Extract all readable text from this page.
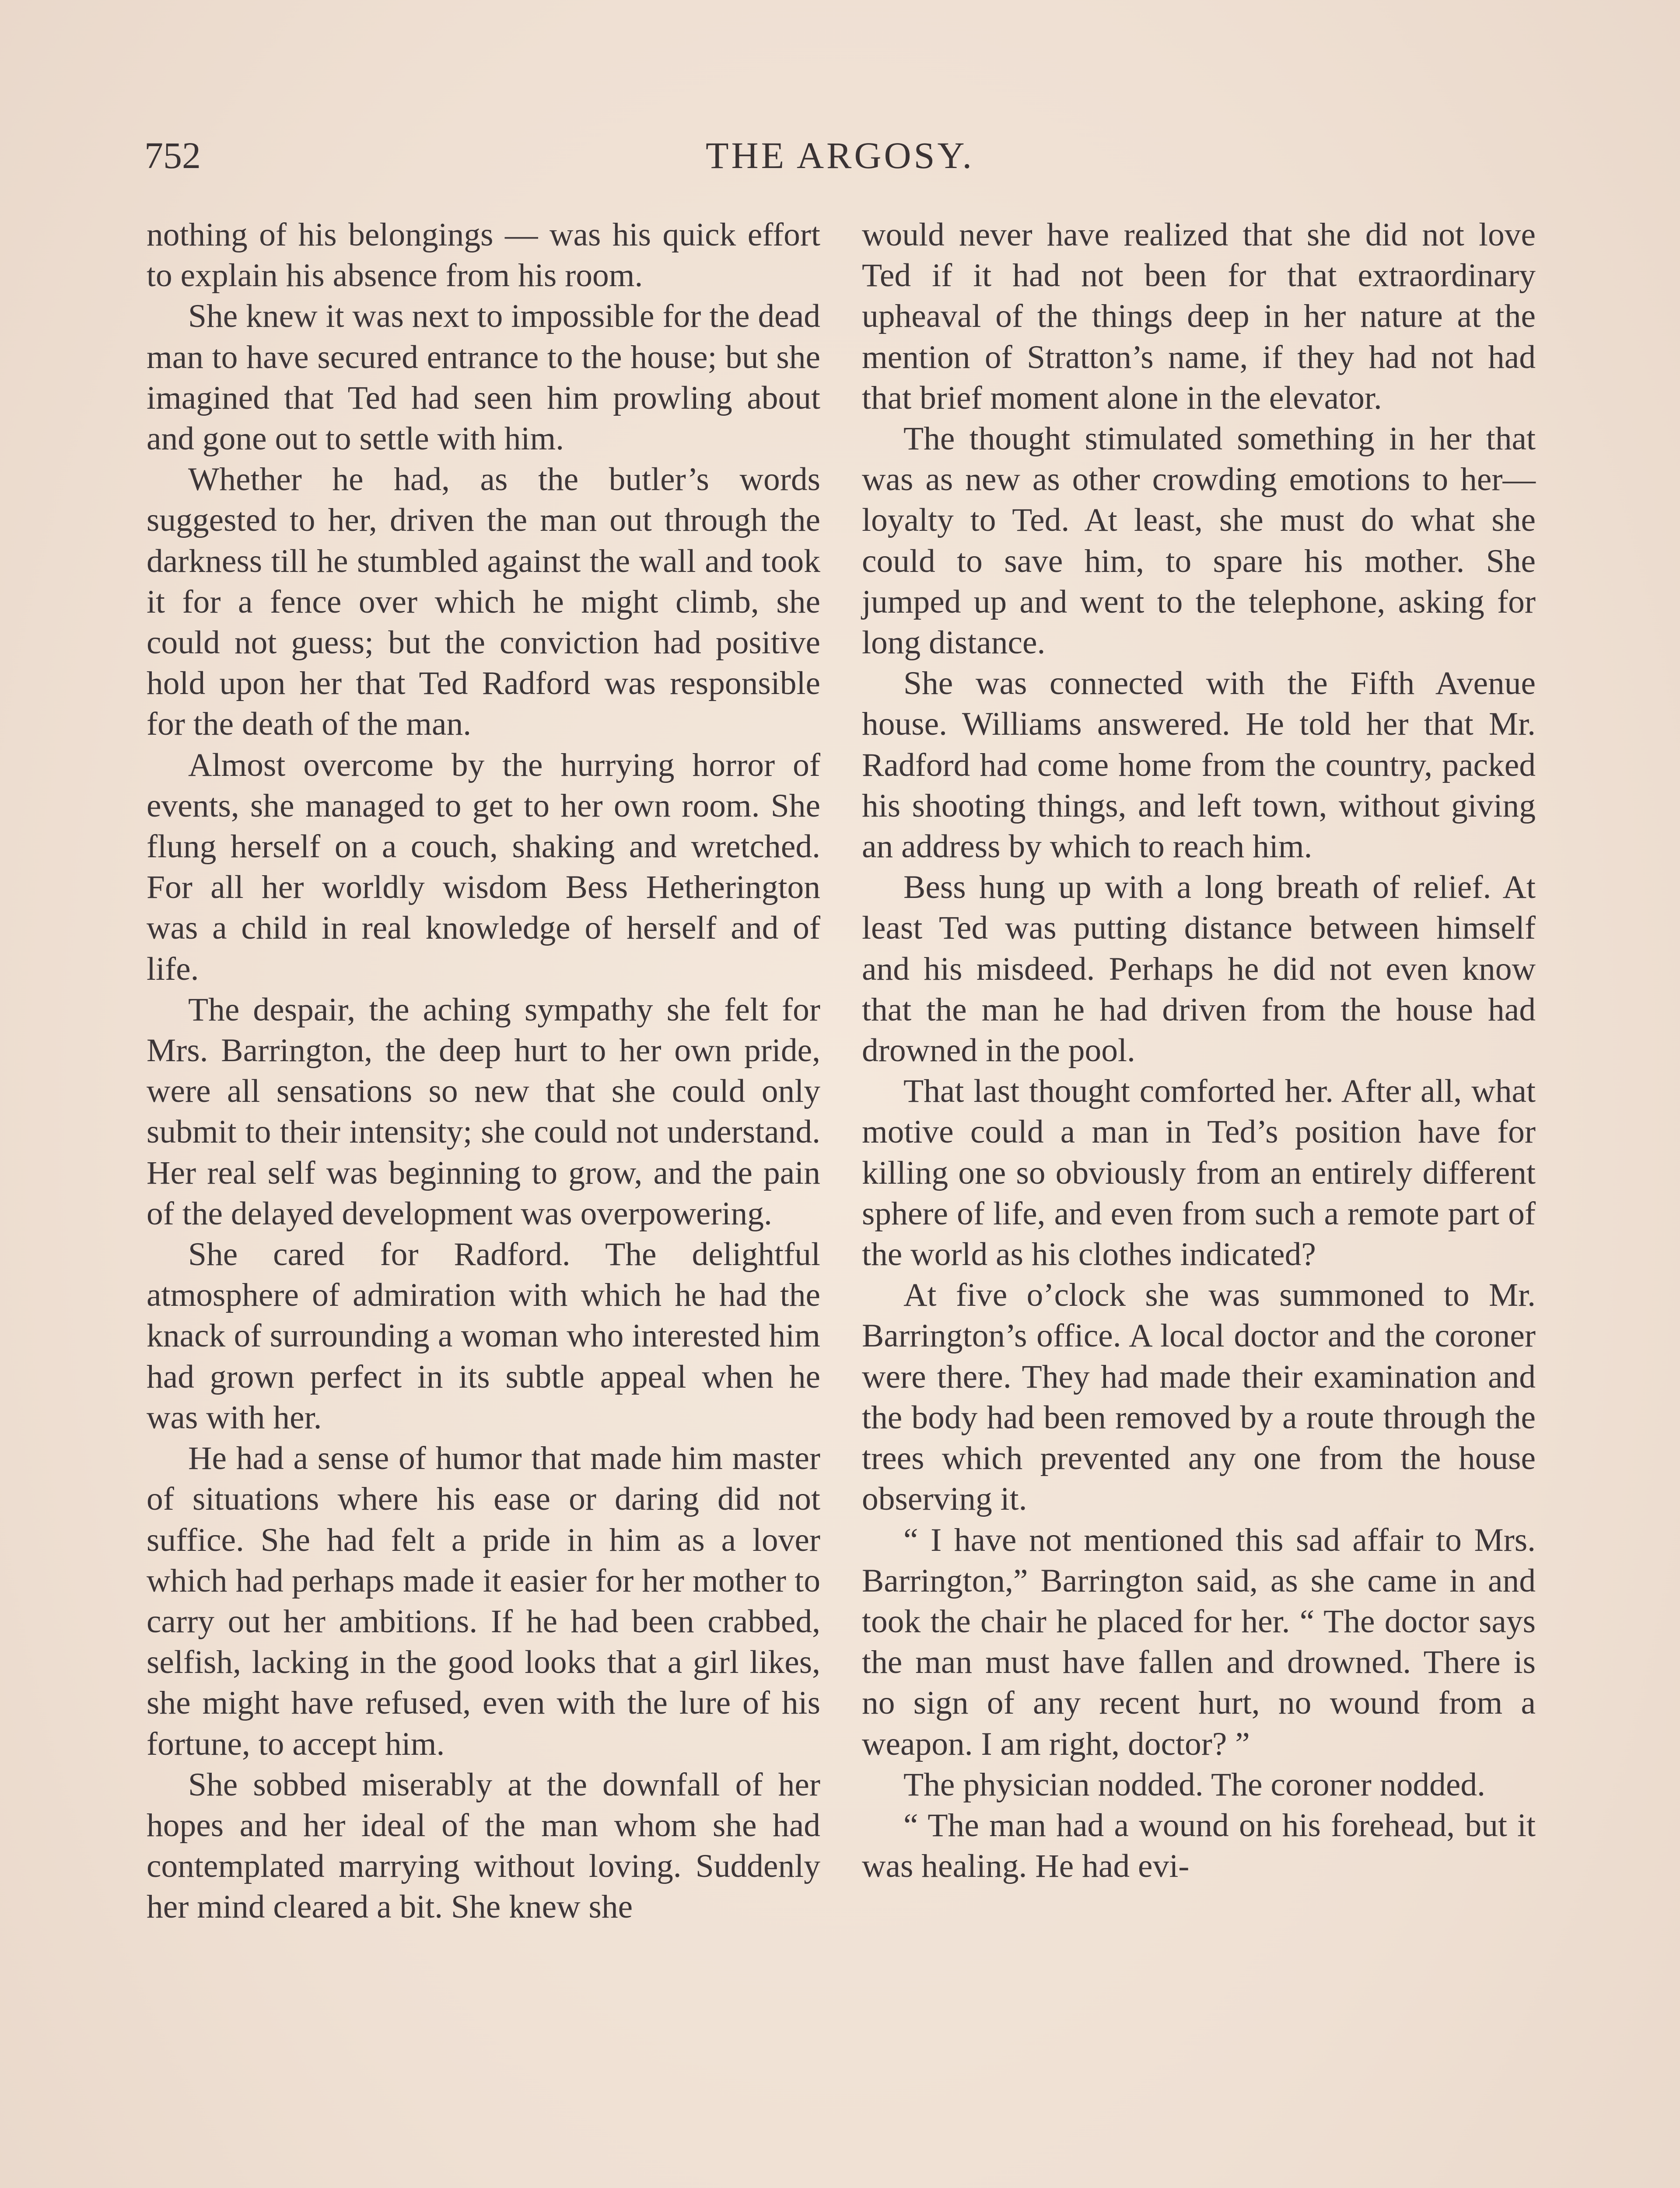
752	THE ARGOSY.

nothing of his belongings — was his quick effort to explain his absence from his room.

She knew it was next to impossible for the dead man to have secured entrance to the house; but she imagined that Ted had seen him prowling about and gone out to settle with him.

Whether he had, as the butler’s words suggested to her, driven the man out through the darkness till he stumbled against the wall and took it for a fence over which he might climb, she could not guess; but the conviction had positive hold upon her that Ted Radford was responsible for the death of the man.

Almost overcome by the hurrying horror of events, she managed to get to her own room. She flung herself on a couch, shaking and wretched. For all her worldly wisdom Bess Hetherington was a child in real knowledge of herself and of life.

The despair, the aching sympathy she felt for Mrs. Barrington, the deep hurt to her own pride, were all sensations so new that she could only submit to their intensity; she could not understand. Her real self was beginning to grow, and the pain of the delayed development was overpowering.

She cared for Radford. The delightful atmosphere of admiration with which he had the knack of surrounding a woman who interested him had grown perfect in its subtle appeal when he was with her.

He had a sense of humor that made him master of situations where his ease or daring did not suffice. She had felt a pride in him as a lover which had perhaps made it easier for her mother to carry out her ambitions. If he had been crabbed, selfish, lacking in the good looks that a girl likes, she might have refused, even with the lure of his fortune, to accept him.

She sobbed miserably at the downfall of her hopes and her ideal of the man whom she had contemplated marrying without loving. Suddenly her mind cleared a bit. She knew she

would never have realized that she did not love Ted if it had not been for that extraordinary upheaval of the things deep in her nature at the mention of Stratton’s name, if they had not had that brief moment alone in the elevator.

The thought stimulated something in her that was as new as other crowding emotions to her—loyalty to Ted. At least, she must do what she could to save him, to spare his mother. She jumped up and went to the telephone, asking for long distance.

She was connected with the Fifth Avenue house. Williams answered. He told her that Mr. Radford had come home from the country, packed his shooting things, and left town, without giving an address by which to reach him.

Bess hung up with a long breath of relief. At least Ted was putting distance between himself and his misdeed. Perhaps he did not even know that the man he had driven from the house had drowned in the pool.

That last thought comforted her. After all, what motive could a man in Ted’s position have for killing one so obviously from an entirely different sphere of life, and even from such a remote part of the world as his clothes indicated?

At five o’clock she was summoned to Mr. Barrington’s office. A local doctor and the coroner were there. They had made their examination and the body had been removed by a route through the trees which prevented any one from the house observing it.

“ I have not mentioned this sad affair to Mrs. Barrington,” Barrington said, as she came in and took the chair he placed for her. “ The doctor says the man must have fallen and drowned. There is no sign of any recent hurt, no wound from a weapon. I am right, doctor? ”

The physician nodded. The coroner nodded.

“ The man had a wound on his forehead, but it was healing. He had evi-
